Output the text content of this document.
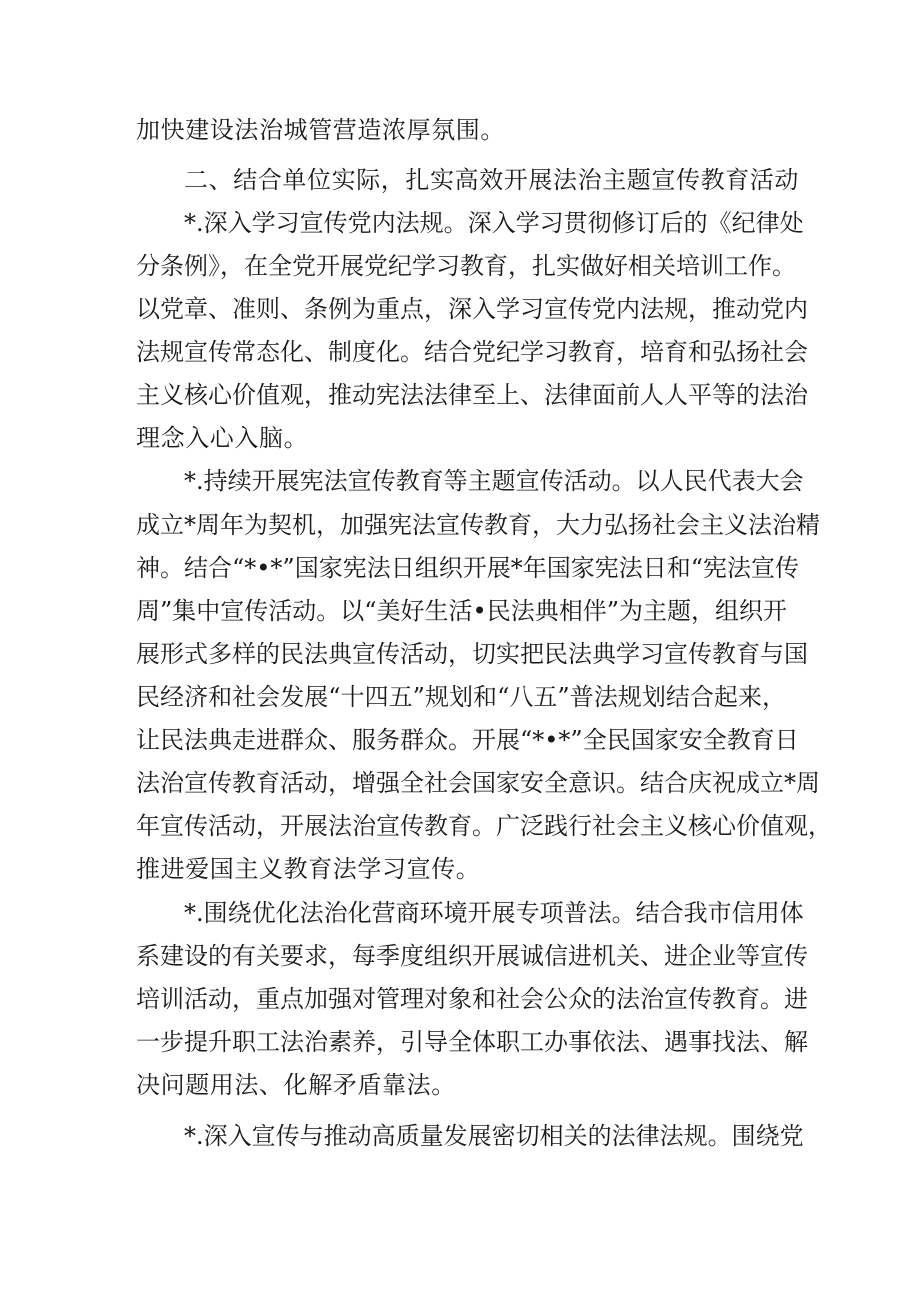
加快建设法治城管营造浓厚氛围。
二、结合单位实际，扎实高效开展法治主题宣传教育活动
*.深入学习宣传党内法规。深入学习贯彻修订后的《纪律处
分条例》，在全党开展党纪学习教育，扎实做好相关培训工作。
以党章、准则、条例为重点，深入学习宣传党内法规，推动党内
法规宣传常态化、制度化。结合党纪学习教育，培育和弘扬社会
主义核心价值观，推动宪法法律至上、法律面前人人平等的法治
理念入心入脑。
*.持续开展宪法宣传教育等主题宣传活动。以人民代表大会
成立*周年为契机，加强宪法宣传教育，大力弘扬社会主义法治精
神。结合“*•*”国家宪法日组织开展*年国家宪法日和“宪法宣传
周”集中宣传活动。以“美好生活•民法典相伴”为主题，组织开
展形式多样的民法典宣传活动，切实把民法典学习宣传教育与国
民经济和社会发展“十四五”规划和“八五”普法规划结合起来，
让民法典走进群众、服务群众。开展“*•*”全民国家安全教育日
法治宣传教育活动，增强全社会国家安全意识。结合庆祝成立*周
年宣传活动，开展法治宣传教育。广泛践行社会主义核心价值观，
推进爱国主义教育法学习宣传。
*.围绕优化法治化营商环境开展专项普法。结合我市信用体
系建设的有关要求，每季度组织开展诚信进机关、进企业等宣传
培训活动，重点加强对管理对象和社会公众的法治宣传教育。进
一步提升职工法治素养，引导全体职工办事依法、遇事找法、解
决问题用法、化解矛盾靠法。
*.深入宣传与推动高质量发展密切相关的法律法规。围绕党
